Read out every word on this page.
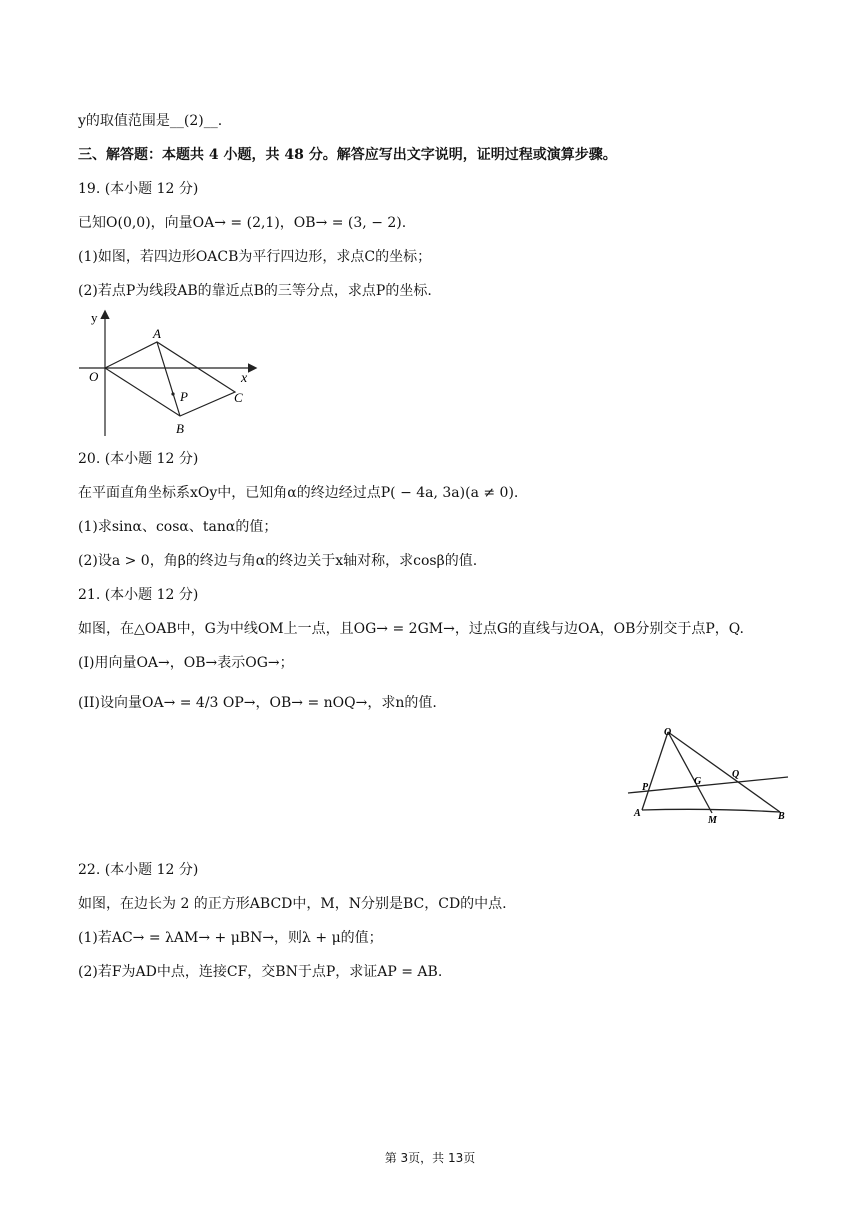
y的取值范围是__(2)__.
三、解答题：本题共 4 小题，共 48 分。解答应写出文字说明，证明过程或演算步骤。
19. (本小题 12 分)
已知O(0,0)，向量OA→ = (2,1)，OB→ = (3, − 2).
(1)如图，若四边形OACB为平行四边形，求点C的坐标；
(2)若点P为线段AB的靠近点B的三等分点，求点P的坐标.
y
x
O
A
P
B
C
20. (本小题 12 分)
在平面直角坐标系xOy中，已知角α的终边经过点P( − 4a, 3a)(a ≠ 0).
(1)求sinα、cosα、tanα的值；
(2)设a > 0，角β的终边与角α的终边关于x轴对称，求cosβ的值.
21. (本小题 12 分)
如图，在△OAB中，G为中线OM上一点，且OG→ = 2GM→，过点G的直线与边OA，OB分别交于点P，Q.
(I)用向量OA→，OB→表示OG→；
(II)设向量OA→ = 4/3 OP→，OB→ = nOQ→，求n的值.
O
P
G
Q
A
M	B
22. (本小题 12 分)
如图，在边长为 2 的正方形ABCD中，M，N分别是BC，CD的中点.
(1)若AC→ = λAM→ + μBN→，则λ + μ的值；
(2)若F为AD中点，连接CF，交BN于点P，求证AP = AB.
第 3页，共 13页
